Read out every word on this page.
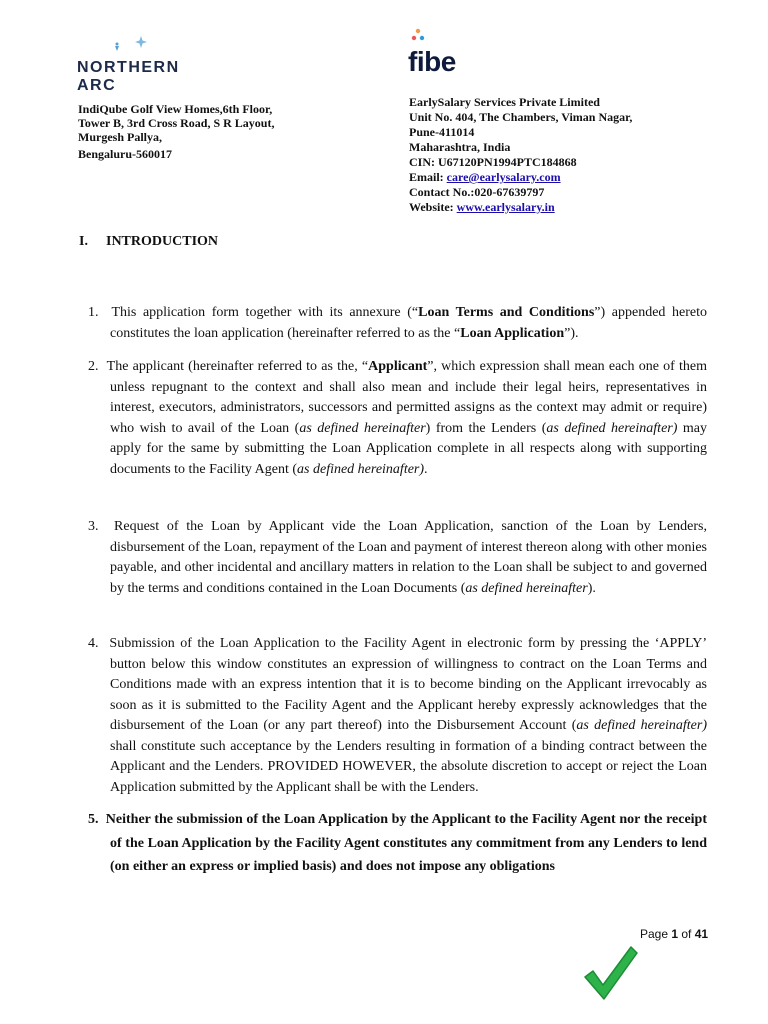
NORTHERN
ARC
IndiQube Golf View Homes,6th Floor,
Tower B, 3rd Cross Road, S R Layout,
Murgesh Pallya,
Bengaluru-560017
fibe
EarlySalary Services Private Limited
Unit No. 404, The Chambers, Viman Nagar,
Pune-411014
Maharashtra, India
CIN: U67120PN1994PTC184868
Email: care@earlysalary.com
Contact No.:020-67639797
Website: www.earlysalary.in
I. INTRODUCTION
1. This application form together with its annexure (“Loan Terms and Conditions”) appended hereto constitutes the loan application (hereinafter referred to as the “Loan Application”).
2. The applicant (hereinafter referred to as the, “Applicant”, which expression shall mean each one of them unless repugnant to the context and shall also mean and include their legal heirs, representatives in interest, executors, administrators, successors and permitted assigns as the context may admit or require) who wish to avail of the Loan (as defined hereinafter) from the Lenders (as defined hereinafter) may apply for the same by submitting the Loan Application complete in all respects along with supporting documents to the Facility Agent (as defined hereinafter).
3. Request of the Loan by Applicant vide the Loan Application, sanction of the Loan by Lenders, disbursement of the Loan, repayment of the Loan and payment of interest thereon along with other monies payable, and other incidental and ancillary matters in relation to the Loan shall be subject to and governed by the terms and conditions contained in the Loan Documents (as defined hereinafter).
4. Submission of the Loan Application to the Facility Agent in electronic form by pressing the ‘APPLY’ button below this window constitutes an expression of willingness to contract on the Loan Terms and Conditions made with an express intention that it is to become binding on the Applicant irrevocably as soon as it is submitted to the Facility Agent and the Applicant hereby expressly acknowledges that the disbursement of the Loan (or any part thereof) into the Disbursement Account (as defined hereinafter) shall constitute such acceptance by the Lenders resulting in formation of a binding contract between the Applicant and the Lenders. PROVIDED HOWEVER, the absolute discretion to accept or reject the Loan Application submitted by the Applicant shall be with the Lenders.
5. Neither the submission of the Loan Application by the Applicant to the Facility Agent nor the receipt of the Loan Application by the Facility Agent constitutes any commitment from any Lenders to lend (on either an express or implied basis) and does not impose any obligations
Page 1 of 41
